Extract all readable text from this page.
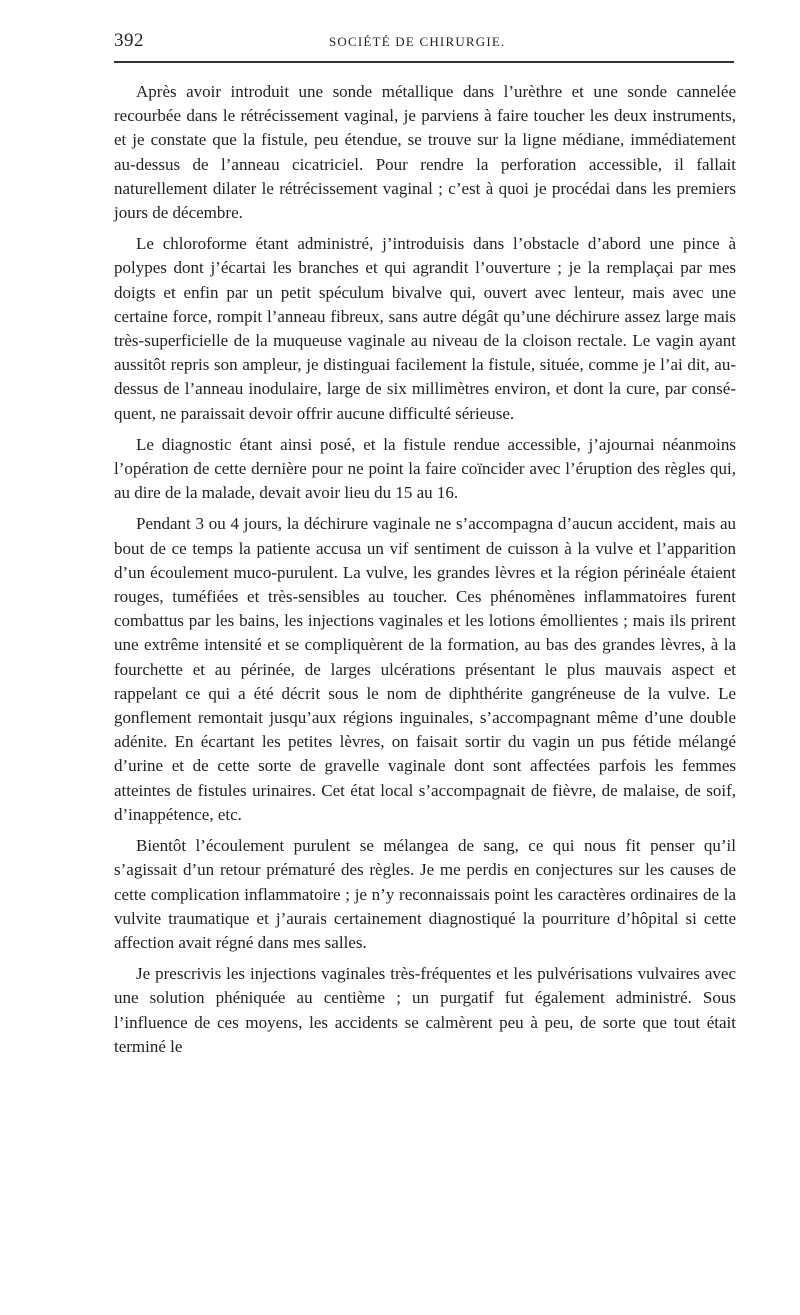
392	SOCIÉTÉ DE CHIRURGIE.

Après avoir introduit une sonde métallique dans l’urèthre et une sonde cannelée recourbée dans le rétrécissement vaginal, je parviens à faire toucher les deux instruments, et je constate que la fistule, peu étendue, se trouve sur la ligne médiane, immédiatement au-dessus de l’anneau cicatriciel. Pour rendre la perforation accessible, il fallait naturellement dilater le rétrécissement vaginal ; c’est à quoi je procédai dans les premiers jours de décembre.

Le chloroforme étant administré, j’introduisis dans l’obstacle d’abord une pince à polypes dont j’écartai les branches et qui agrandit l’ouverture ; je la remplaçai par mes doigts et enfin par un petit spéculum bivalve qui, ouvert avec lenteur, mais avec une certaine force, rompit l’anneau fibreux, sans autre dégât qu’une déchirure assez large mais très-superficielle de la muqueuse vaginale au niveau de la cloison rectale. Le vagin ayant aussitôt repris son ampleur, je distinguai facilement la fistule, située, comme je l’ai dit, au-dessus de l’anneau inodulaire, large de six millimètres environ, et dont la cure, par conséquent, ne paraissait devoir offrir aucune difficulté sérieuse.

Le diagnostic étant ainsi posé, et la fistule rendue accessible, j’ajournai néanmoins l’opération de cette dernière pour ne point la faire coïncider avec l’éruption des règles qui, au dire de la malade, devait avoir lieu du 15 au 16.

Pendant 3 ou 4 jours, la déchirure vaginale ne s’accompagna d’aucun accident, mais au bout de ce temps la patiente accusa un vif sentiment de cuisson à la vulve et l’apparition d’un écoulement muco-purulent. La vulve, les grandes lèvres et la région périnéale étaient rouges, tuméfiées et très-sensibles au toucher. Ces phénomènes inflammatoires furent combattus par les bains, les injections vaginales et les lotions émollientes ; mais ils prirent une extrême intensité et se compliquèrent de la formation, au bas des grandes lèvres, à la fourchette et au périnée, de larges ulcérations présentant le plus mauvais aspect et rappelant ce qui a été décrit sous le nom de diphthérite gangréneuse de la vulve. Le gonflement remontait jusqu’aux régions inguinales, s’accompagnant même d’une double adénite. En écartant les petites lèvres, on faisait sortir du vagin un pus fétide mélangé d’urine et de cette sorte de gravelle vaginale dont sont affectées parfois les femmes atteintes de fistules urinaires. Cet état local s’accompagnait de fièvre, de malaise, de soif, d’inappétence, etc.

Bientôt l’écoulement purulent se mélangea de sang, ce qui nous fit penser qu’il s’agissait d’un retour prématuré des règles. Je me perdis en conjectures sur les causes de cette complication inflammatoire ; je n’y reconnaissais point les caractères ordinaires de la vulvite traumatique et j’aurais certainement diagnostiqué la pourriture d’hôpital si cette affection avait régné dans mes salles.

Je prescrivis les injections vaginales très-fréquentes et les pulvérisations vulvaires avec une solution phéniquée au centième ; un purgatif fut également administré. Sous l’influence de ces moyens, les accidents se calmèrent peu à peu, de sorte que tout était terminé le
